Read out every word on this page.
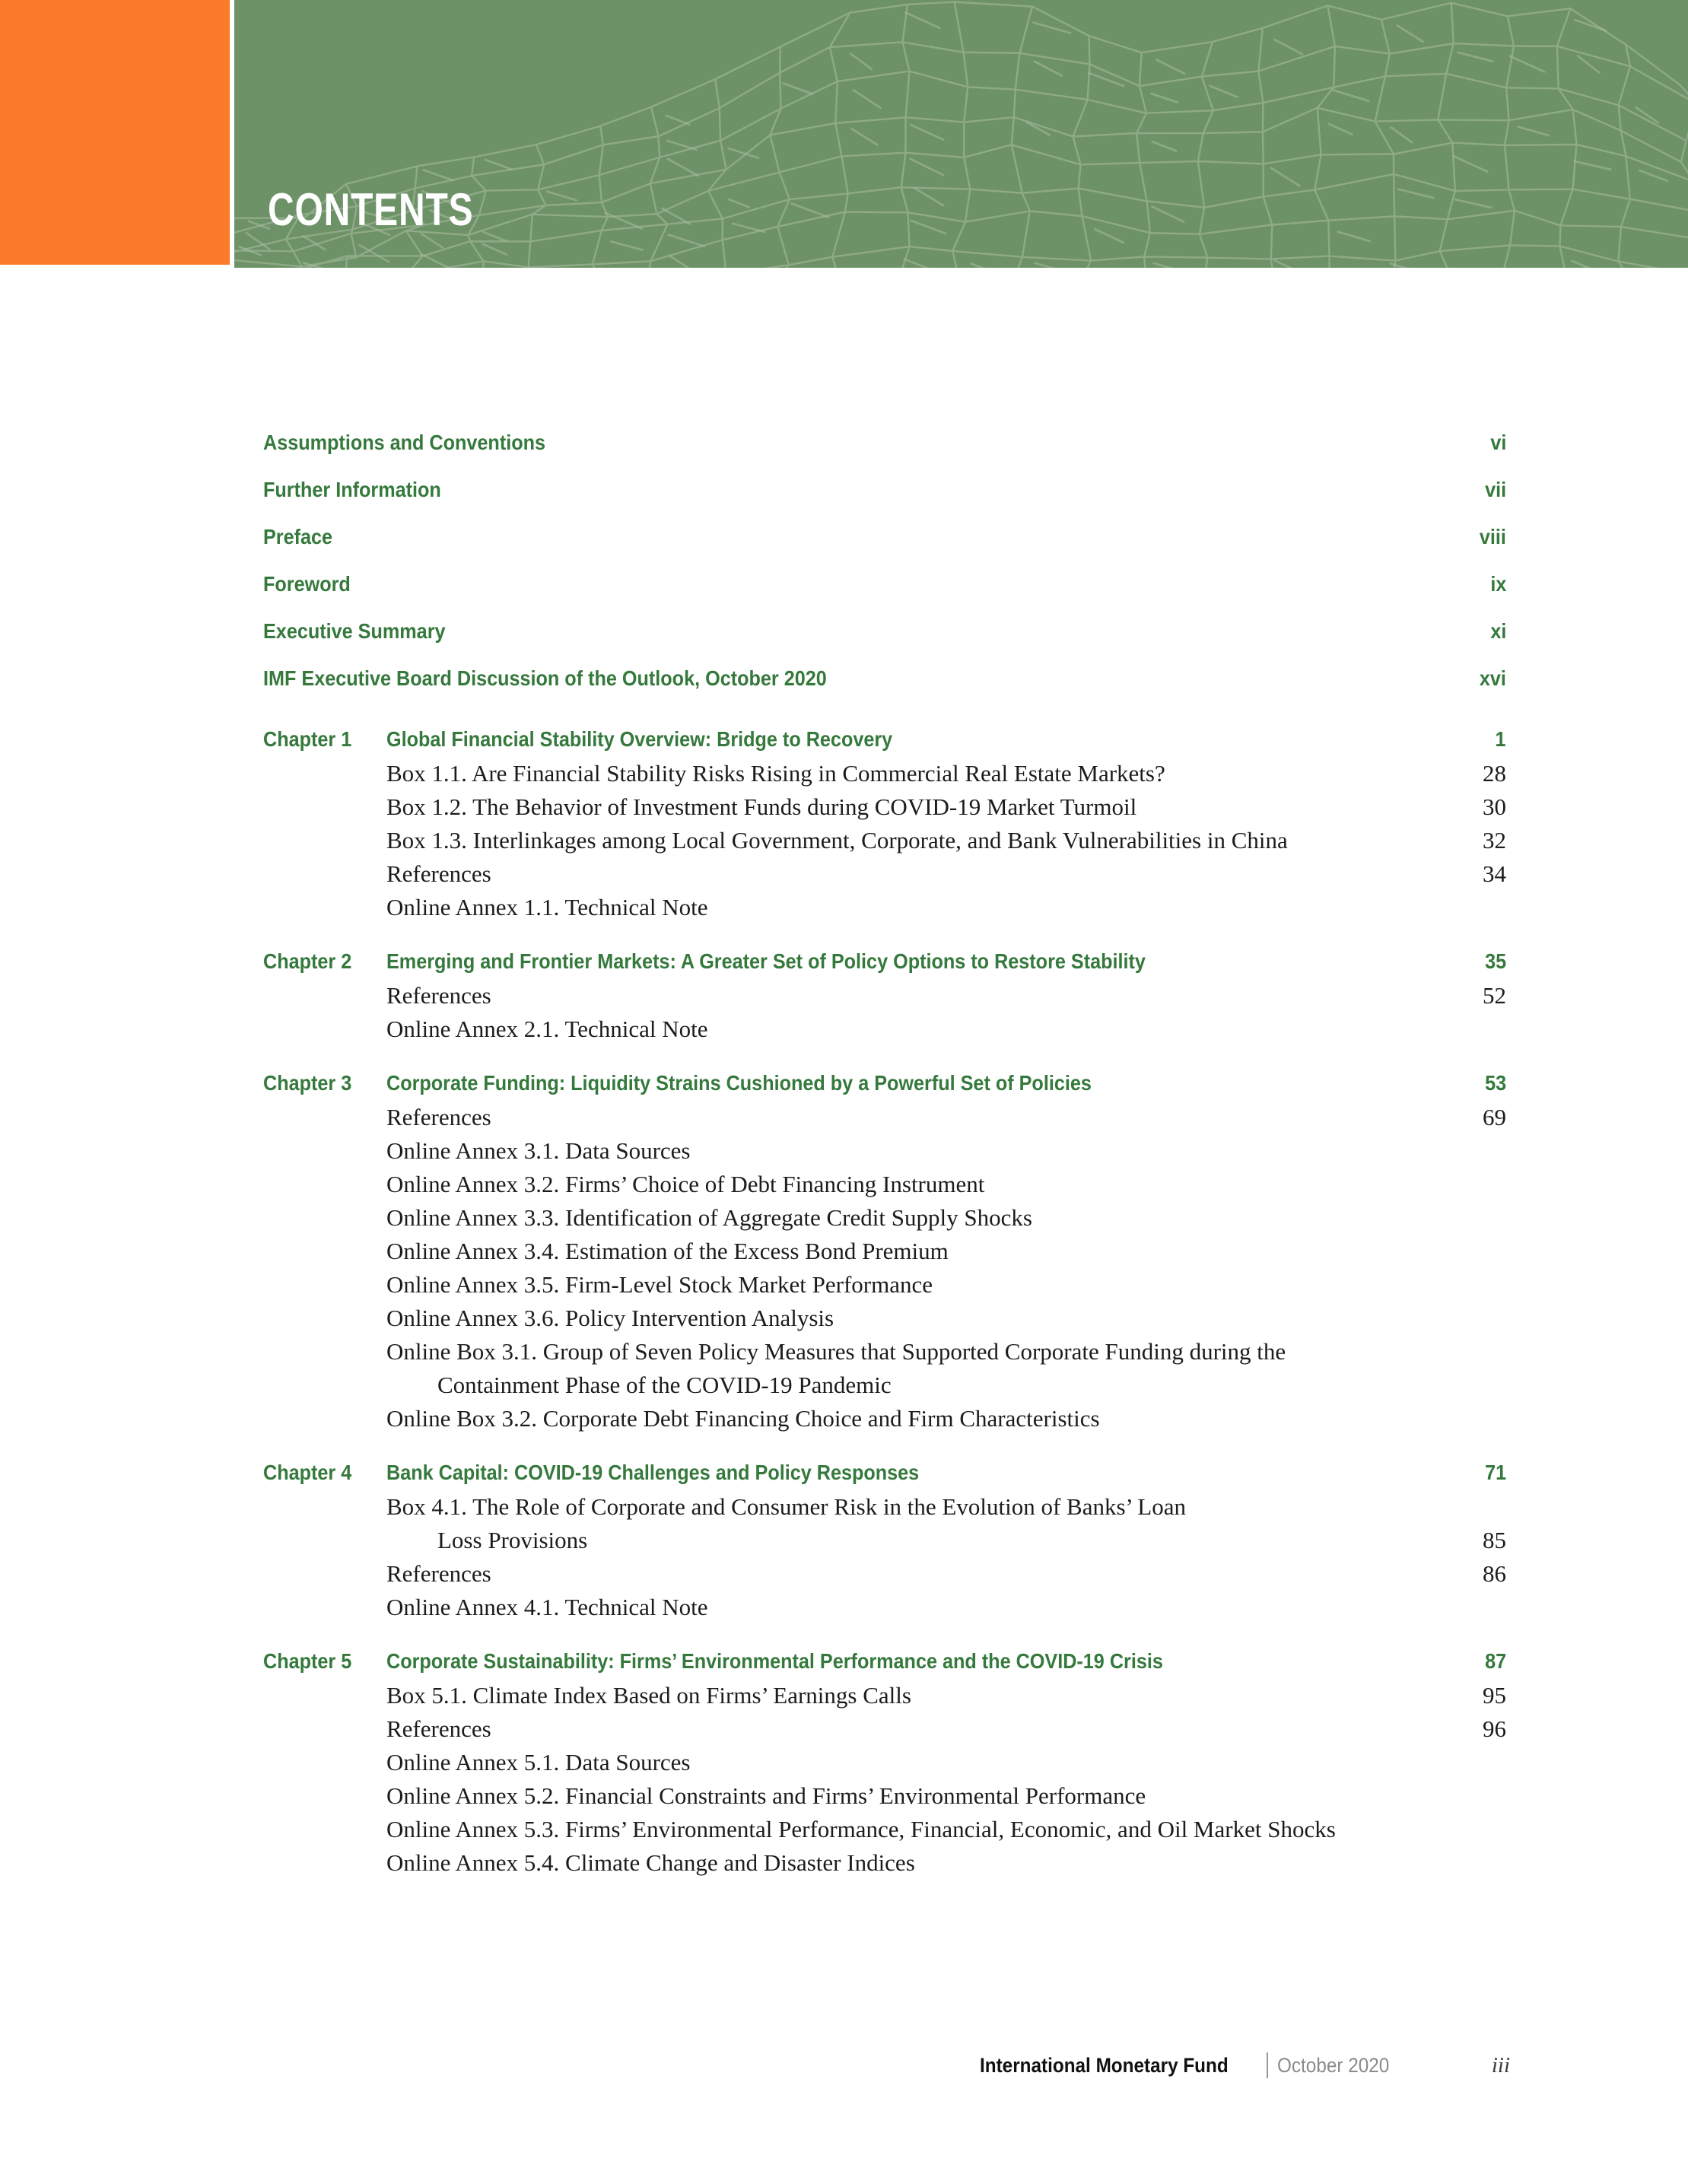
CONTENTS
Assumptions and Conventions	vi
Further Information	vii
Preface	viii
Foreword	ix
Executive Summary	xi
IMF Executive Board Discussion of the Outlook, October 2020	xvi
Chapter 1	Global Financial Stability Overview: Bridge to Recovery	1
Box 1.1. Are Financial Stability Risks Rising in Commercial Real Estate Markets?	28
Box 1.2. The Behavior of Investment Funds during COVID-19 Market Turmoil	30
Box 1.3. Interlinkages among Local Government, Corporate, and Bank Vulnerabilities in China	32
References	34
Online Annex 1.1. Technical Note
Chapter 2	Emerging and Frontier Markets: A Greater Set of Policy Options to Restore Stability	35
References	52
Online Annex 2.1. Technical Note
Chapter 3	Corporate Funding: Liquidity Strains Cushioned by a Powerful Set of Policies	53
References	69
Online Annex 3.1. Data Sources
Online Annex 3.2. Firms’ Choice of Debt Financing Instrument
Online Annex 3.3. Identification of Aggregate Credit Supply Shocks
Online Annex 3.4. Estimation of the Excess Bond Premium
Online Annex 3.5. Firm-Level Stock Market Performance
Online Annex 3.6. Policy Intervention Analysis
Online Box 3.1. Group of Seven Policy Measures that Supported Corporate Funding during the
Containment Phase of the COVID-19 Pandemic
Online Box 3.2. Corporate Debt Financing Choice and Firm Characteristics
Chapter 4	Bank Capital: COVID-19 Challenges and Policy Responses	71
Box 4.1. The Role of Corporate and Consumer Risk in the Evolution of Banks’ Loan
Loss Provisions	85
References	86
Online Annex 4.1. Technical Note
Chapter 5	Corporate Sustainability: Firms’ Environmental Performance and the COVID-19 Crisis	87
Box 5.1. Climate Index Based on Firms’ Earnings Calls	95
References	96
Online Annex 5.1. Data Sources
Online Annex 5.2. Financial Constraints and Firms’ Environmental Performance
Online Annex 5.3. Firms’ Environmental Performance, Financial, Economic, and Oil Market Shocks
Online Annex 5.4. Climate Change and Disaster Indices
International Monetary Fund October 2020	iii
